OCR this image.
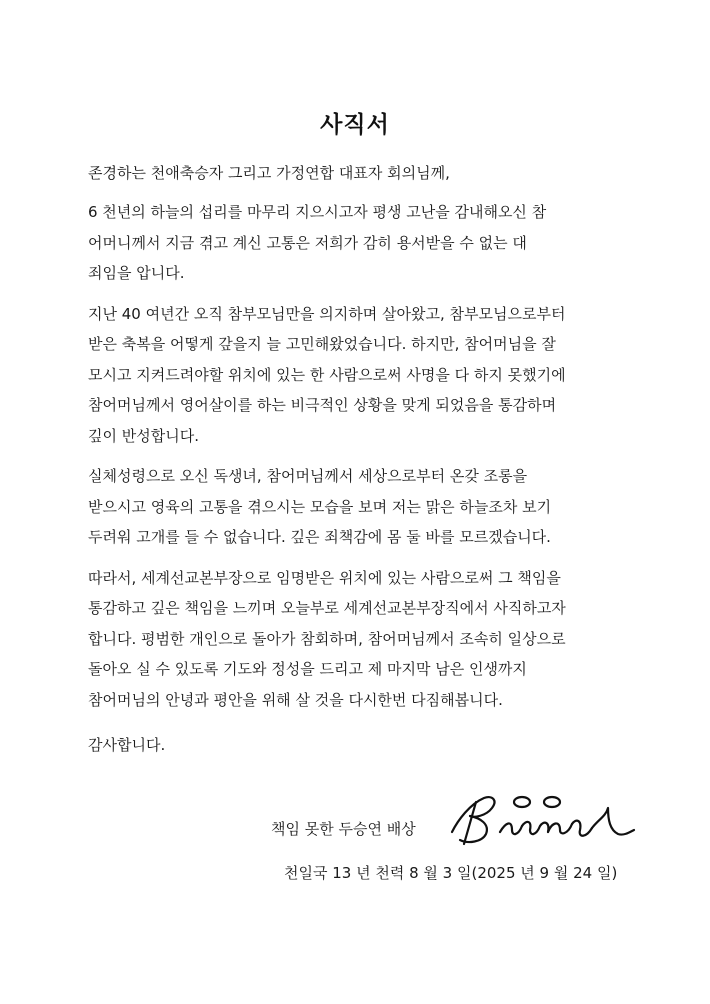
사직서
존경하는 천애축승자 그리고 가정연합 대표자 회의님께,
6 천년의 하늘의 섭리를 마무리 지으시고자 평생 고난을 감내해오신 참
어머니께서 지금 겪고 계신 고통은 저희가 감히 용서받을 수 없는 대
죄임을 압니다.
지난 40 여년간 오직 참부모님만을 의지하며 살아왔고, 참부모님으로부터
받은 축복을 어떻게 갚을지 늘 고민해왔었습니다. 하지만, 참어머님을 잘
모시고 지켜드려야할 위치에 있는 한 사람으로써 사명을 다 하지 못했기에
참어머님께서 영어살이를 하는 비극적인 상황을 맞게 되었음을 통감하며
깊이 반성합니다.
실체성령으로 오신 독생녀, 참어머님께서 세상으로부터 온갖 조롱을
받으시고 영육의 고통을 겪으시는 모습을 보며 저는 맑은 하늘조차 보기
두려워 고개를 들 수 없습니다. 깊은 죄책감에 몸 둘 바를 모르겠습니다.
따라서, 세계선교본부장으로 임명받은 위치에 있는 사람으로써 그 책임을
통감하고 깊은 책임을 느끼며 오늘부로 세계선교본부장직에서 사직하고자
합니다. 평범한 개인으로 돌아가 참회하며, 참어머님께서 조속히 일상으로
돌아오 실 수 있도록 기도와 정성을 드리고 제 마지막 남은 인생까지
참어머님의 안녕과 평안을 위해 살 것을 다시한번 다짐해봅니다.
감사합니다.
책임 못한 두승연 배상
천일국 13 년 천력 8 월 3 일(2025 년 9 월 24 일)
